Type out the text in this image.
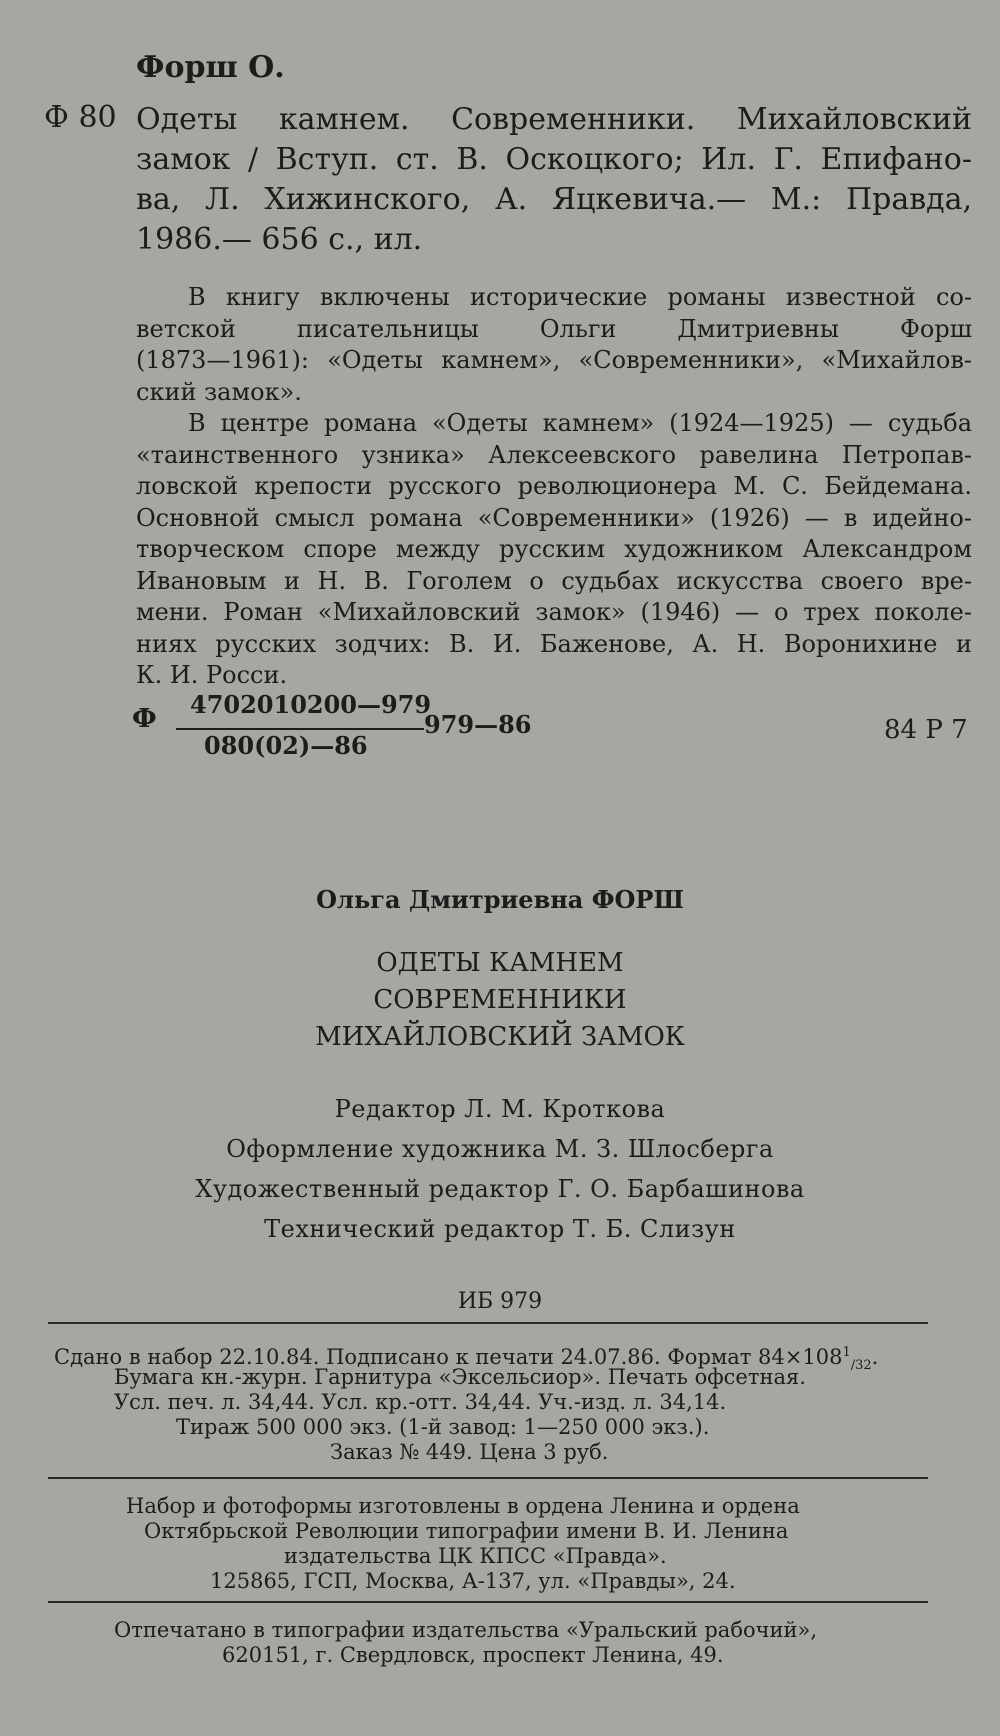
Форш О.
Ф 80 Одеты камнем. Современники. Михайловский
замок / Вступ. ст. В. Оскоцкого; Ил. Г. Епифано-
ва, Л. Хижинского, А. Яцкевича.— М.: Правда,
1986.— 656 с., ил.
В книгу включены исторические романы известной со-
ветской писательницы Ольги Дмитриевны Форш
(1873—1961): «Одеты камнем», «Современники», «Михайлов-
ский замок».
В центре романа «Одеты камнем» (1924—1925) — судьба
«таинственного узника» Алексеевского равелина Петропав-
ловской крепости русского революционера М. С. Бейдемана.
Основной смысл романа «Современники» (1926) — в идейно-
творческом споре между русским художником Александром
Ивановым и Н. В. Гоголем о судьбах искусства своего вре-
мени. Роман «Михайловский замок» (1946) — о трех поколе-
ниях русских зодчих: В. И. Баженове, А. Н. Воронихине и
К. И. Росси.
Ф 4702010200—979
080(02)—86
979—86	84 Р 7
Ольга Дмитриевна ФОРШ
ОДЕТЫ КАМНЕМ
СОВРЕМЕННИКИ
МИХАЙЛОВСКИЙ ЗАМОК
Редактор Л. М. Кроткова
Оформление художника М. З. Шлосберга
Художественный редактор Г. О. Барбашинова
Технический редактор Т. Б. Слизун
ИБ 979
Сдано в набор 22.10.84. Подписано к печати 24.07.86. Формат $84\times 108^1_{/32}$.
Бумага кн.-журн. Гарнитура «Эксельсиор». Печать офсетная.
Усл. печ. л. 34,44. Усл. кр.-отт. 34,44. Уч.-изд. л. 34,14.
Тираж 500 000 экз. (1-й завод: 1—250 000 экз.).
Заказ № 449. Цена 3 руб.
Набор и фотоформы изготовлены в ордена Ленина и ордена
Октябрьской Революции типографии имени В. И. Ленина
издательства ЦК КПСС «Правда».
125865, ГСП, Москва, А-137, ул. «Правды», 24.
Отпечатано в типографии издательства «Уральский рабочий»,
620151, г. Свердловск, проспект Ленина, 49.
